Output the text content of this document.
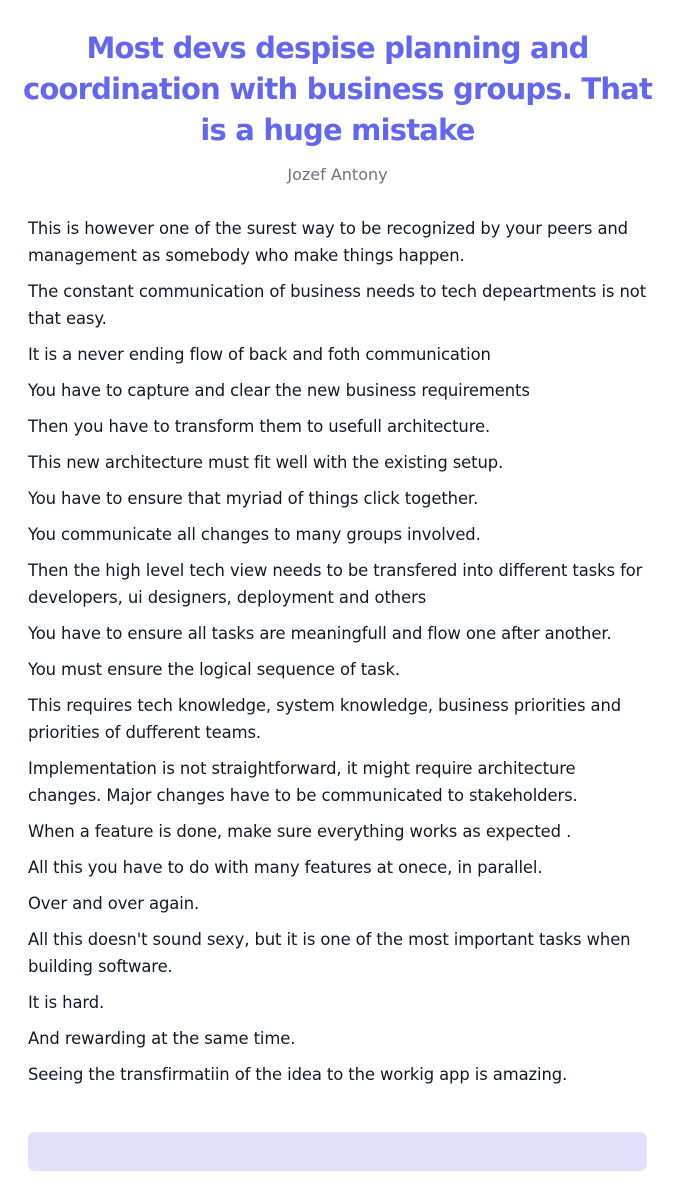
Most devs despise planning and coordination with business groups. That is a huge mistake
Jozef Antony

This is however one of the surest way to be recognized by your peers and management as somebody who make things happen.

The constant communication of business needs to tech depeartments is not that easy.

It is a never ending flow of back and foth communication

You have to capture and clear the new business requirements

Then you have to transform them to usefull architecture.

This new architecture must fit well with the existing setup.

You have to ensure that myriad of things click together.

You communicate all changes to many groups involved.

Then the high level tech view needs to be transfered into different tasks for developers, ui designers, deployment and others

You have to ensure all tasks are meaningfull and flow one after another.

You must ensure the logical sequence of task.

This requires tech knowledge, system knowledge, business priorities and priorities of dufferent teams.

Implementation is not straightforward, it might require architecture changes. Major changes have to be communicated to stakeholders.

When a feature is done, make sure everything works as expected .

All this you have to do with many features at onece, in parallel.

Over and over again.

All this doesn't sound sexy, but it is one of the most important tasks when building software.

It is hard.

And rewarding at the same time.

Seeing the transfirmatiin of the idea to the workig app is amazing.
